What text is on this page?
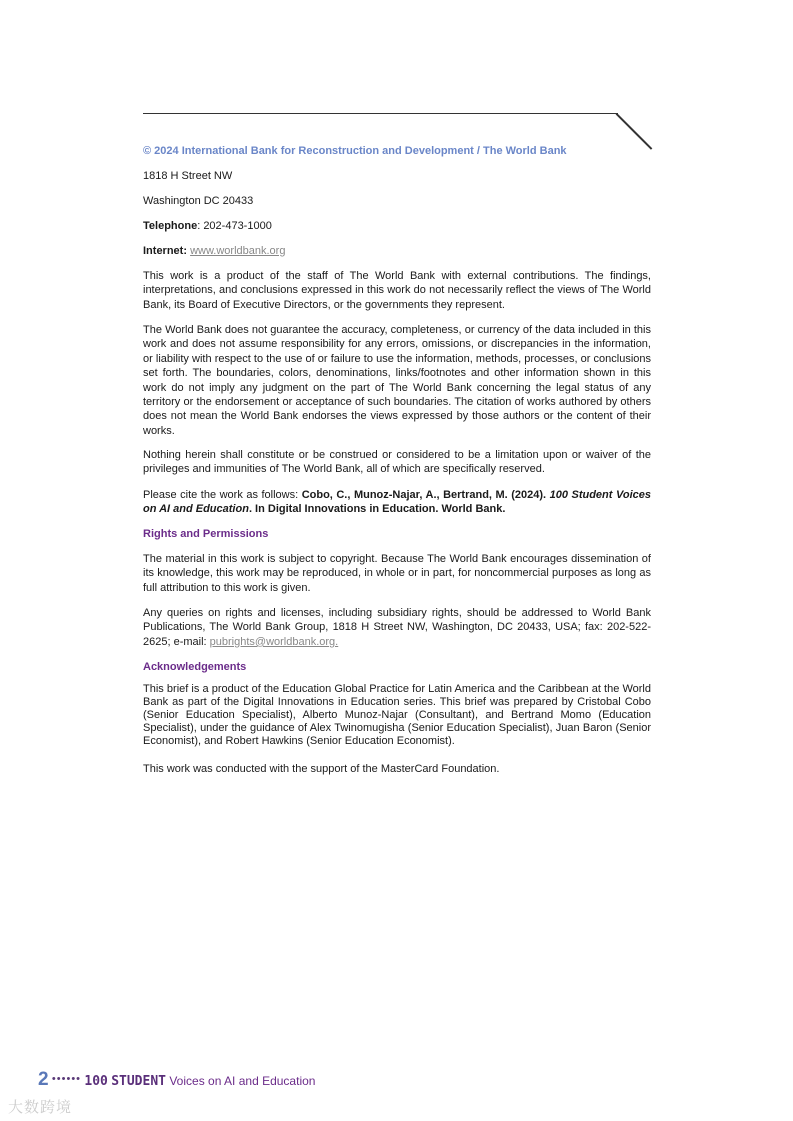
© 2024 International Bank for Reconstruction and Development / The World Bank

1818 H Street NW

Washington DC 20433

Telephone: 202-473-1000

Internet: www.worldbank.org

This work is a product of the staff of The World Bank with external contributions. The findings, interpretations, and conclusions expressed in this work do not necessarily reflect the views of The World Bank, its Board of Executive Directors, or the governments they represent.

The World Bank does not guarantee the accuracy, completeness, or currency of the data included in this work and does not assume responsibility for any errors, omissions, or discrepancies in the information, or liability with respect to the use of or failure to use the information, methods, processes, or conclusions set forth. The boundaries, colors, denominations, links/footnotes and other information shown in this work do not imply any judgment on the part of The World Bank concerning the legal status of any territory or the endorsement or acceptance of such boundaries. The citation of works authored by others does not mean the World Bank endorses the views expressed by those authors or the content of their works.

Nothing herein shall constitute or be construed or considered to be a limitation upon or waiver of the privileges and immunities of The World Bank, all of which are specifically reserved.

Please cite the work as follows: Cobo, C., Munoz-Najar, A., Bertrand, M. (2024). 100 Student Voices on AI and Education. In Digital Innovations in Education. World Bank.

Rights and Permissions

The material in this work is subject to copyright. Because The World Bank encourages dissemination of its knowledge, this work may be reproduced, in whole or in part, for noncommercial purposes as long as full attribution to this work is given.

Any queries on rights and licenses, including subsidiary rights, should be addressed to World Bank Publications, The World Bank Group, 1818 H Street NW, Washington, DC 20433, USA; fax: 202-522-2625; e-mail: pubrights@worldbank.org.

Acknowledgements

This brief is a product of the Education Global Practice for Latin America and the Caribbean at the World Bank as part of the Digital Innovations in Education series. This brief was prepared by Cristobal Cobo (Senior Education Specialist), Alberto Munoz-Najar (Consultant), and Bertrand Momo (Education Specialist), under the guidance of Alex Twinomugisha (Senior Education Specialist), Juan Baron (Senior Economist), and Robert Hawkins (Senior Education Economist).

This work was conducted with the support of the MasterCard Foundation.

2 •••••• 100 STUDENT Voices on AI and Education
大数跨境
